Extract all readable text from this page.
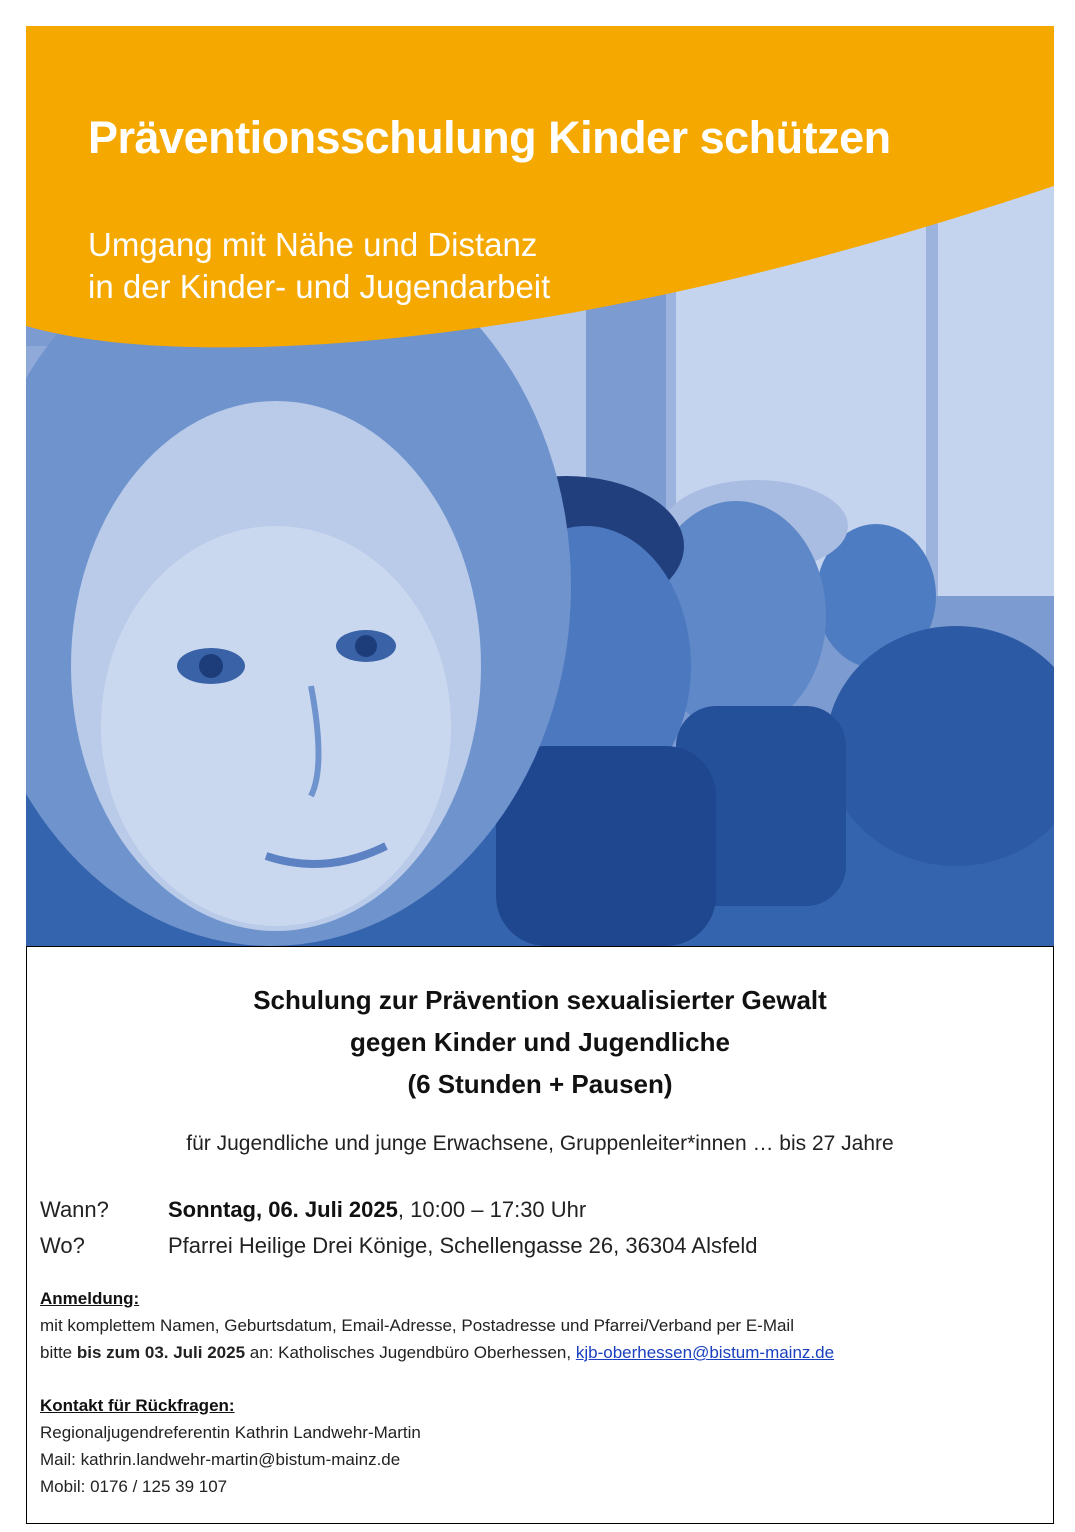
Präventionsschulung Kinder schützen
Umgang mit Nähe und Distanz
in der Kinder- und Jugendarbeit
Schulung zur Prävention sexualisierter Gewalt
gegen Kinder und Jugendliche
(6 Stunden + Pausen)
für Jugendliche und junge Erwachsene, Gruppenleiter*innen … bis 27 Jahre
Wann?	Sonntag, 06. Juli 2025, 10:00 – 17:30 Uhr
Wo?	Pfarrei Heilige Drei Könige, Schellengasse 26, 36304 Alsfeld
Anmeldung:
mit komplettem Namen, Geburtsdatum, Email-Adresse, Postadresse und Pfarrei/Verband per E-Mail
bitte bis zum 03. Juli 2025 an: Katholisches Jugendbüro Oberhessen, kjb-oberhessen@bistum-mainz.de
Kontakt für Rückfragen:
Regionaljugendreferentin Kathrin Landwehr-Martin
Mail: kathrin.landwehr-martin@bistum-mainz.de
Mobil: 0176 / 125 39 107
